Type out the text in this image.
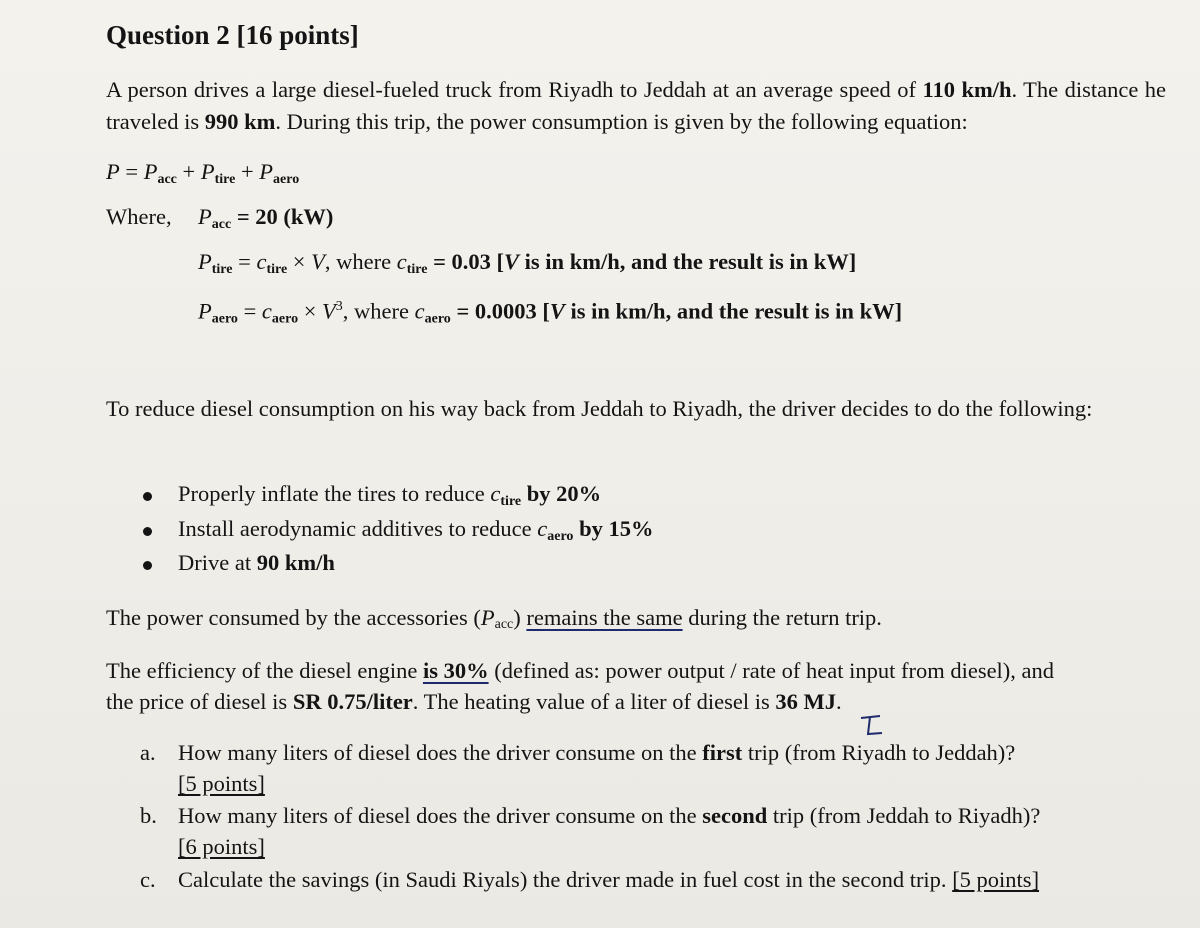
Question 2 [16 points]
A person drives a large diesel-fueled truck from Riyadh to Jeddah at an average speed of 110 km/h. The distance he traveled is 990 km. During this trip, the power consumption is given by the following equation:
$P = P_{acc} + P_{tire} + P_{aero}$
Where, $P_{acc} = 20$ (kW)
$P_{tire} = c_{tire} \times V$, where $c_{tire} = 0.03$ [V is in km/h, and the result is in kW]
$P_{aero} = c_{aero} \times V^3$, where $c_{aero} = 0.0003$ [V is in km/h, and the result is in kW]
To reduce diesel consumption on his way back from Jeddah to Riyadh, the driver decides to do the following:
Properly inflate the tires to reduce $c_{tire}$ by 20%
Install aerodynamic additives to reduce $c_{aero}$ by 15%
Drive at 90 km/h
The power consumed by the accessories $(P_{acc})$ remains the same during the return trip.
The efficiency of the diesel engine is 30% (defined as: power output / rate of heat input from diesel), and
the price of diesel is SR 0.75/liter. The heating value of a liter of diesel is 36 MJ.
a. How many liters of diesel does the driver consume on the first trip (from Riyadh to Jeddah)?
[5 points]
b. How many liters of diesel does the driver consume on the second trip (from Jeddah to Riyadh)?
[6 points]
c. Calculate the savings (in Saudi Riyals) the driver made in fuel cost in the second trip. [5 points]
